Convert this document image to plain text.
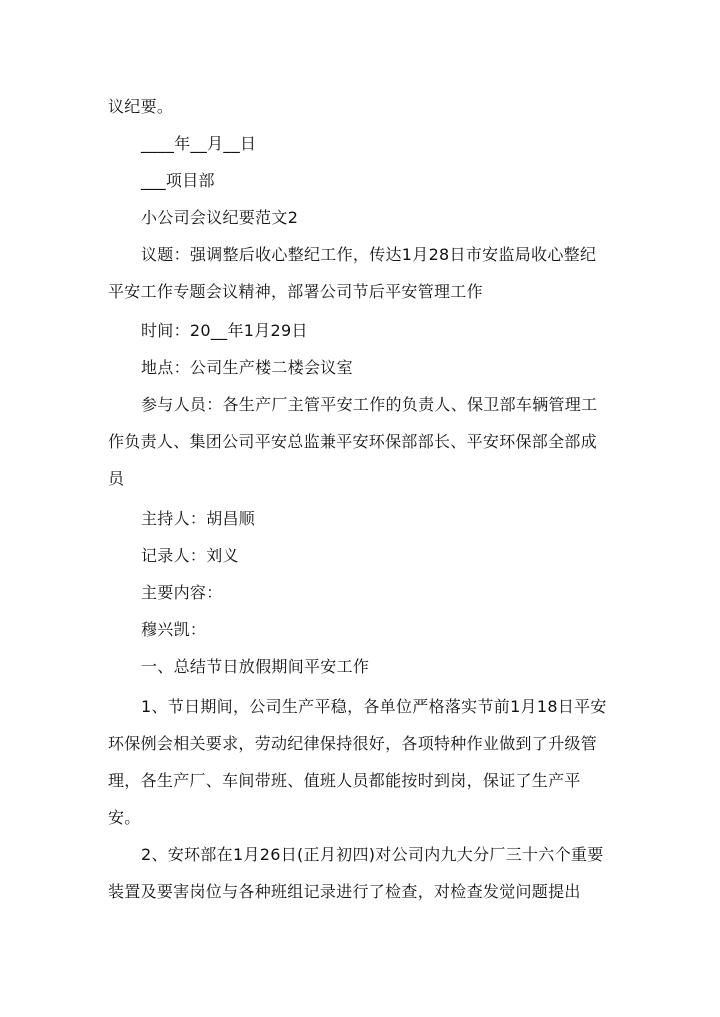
议纪要。
____年__月__日
___项目部
小公司会议纪要范文2
议题：强调整后收心整纪工作，传达1月28日市安监局收心整纪平安工作专题会议精神，部署公司节后平安管理工作
时间：20__年1月29日
地点：公司生产楼二楼会议室
参与人员：各生产厂主管平安工作的负责人、保卫部车辆管理工作负责人、集团公司平安总监兼平安环保部部长、平安环保部全部成员
主持人：胡昌顺
记录人：刘义
主要内容：
穆兴凯：
一、总结节日放假期间平安工作
1、节日期间，公司生产平稳，各单位严格落实节前1月18日平安环保例会相关要求，劳动纪律保持很好，各项特种作业做到了升级管理，各生产厂、车间带班、值班人员都能按时到岗，保证了生产平安。
2、安环部在1月26日(正月初四)对公司内九大分厂三十六个重要装置及要害岗位与各种班组记录进行了检查，对检查发觉问题提出
